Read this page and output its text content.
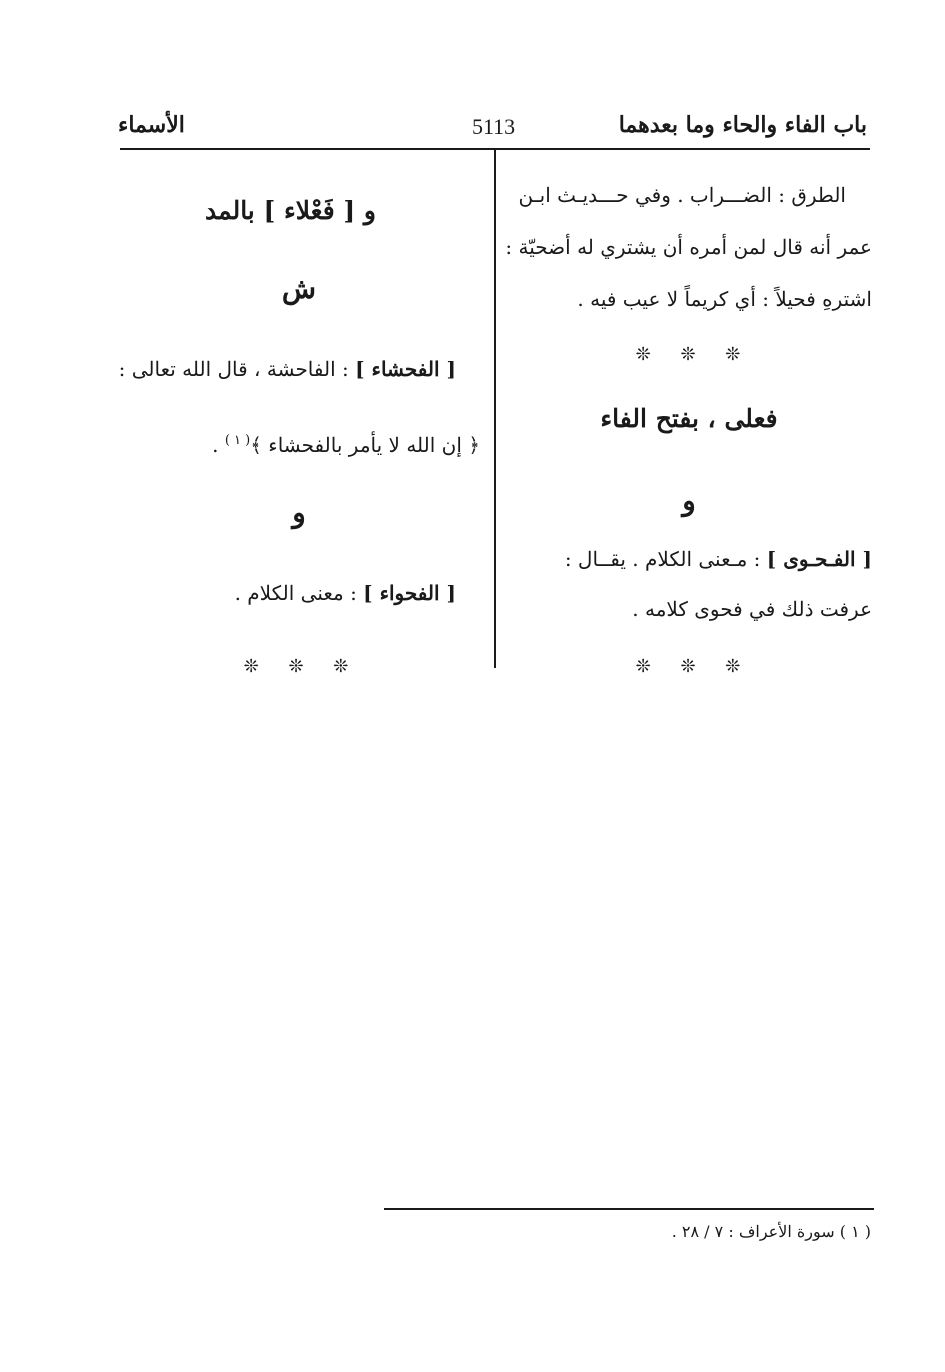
باب الفاء والحاء وما بعدهما
5113
الأسماء
الطرق : الضـــراب . وفي حـــديـث ابـن
عمر أنه قال لمن أمره أن يشتري له أضحيّة :
اشترهِ فحيلاً : أي كريماً لا عيب فيه .
❊ ❊ ❊
فعلى ، بفتح الفاء
و
[ الفـحـوى ] : مـعنى الكلام . يقــال :
عرفت ذلك في فحوى كلامه .
❊ ❊ ❊
و [ فَعْلاء ] بالمد
ش
[ الفحشاء ] : الفاحشة ، قال الله تعالى :
﴿ إن الله لا يأمر بالفحشاء ﴾$^{( ١ )}$ .
و
[ الفحواء ] : معنى الكلام .
❊ ❊ ❊
( ١ ) سورة الأعراف : ٧ / ٢٨ .
